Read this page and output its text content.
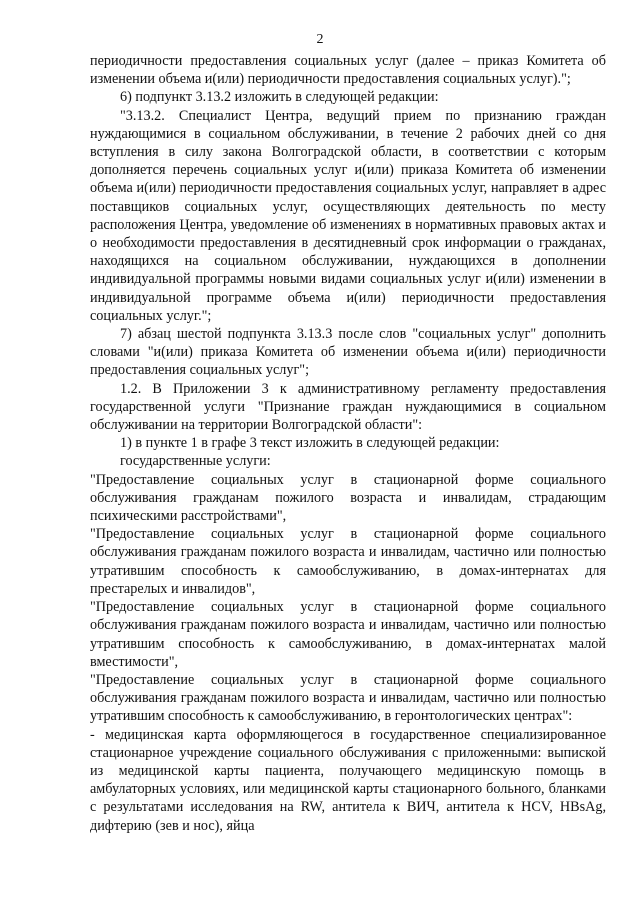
2

периодичности предоставления социальных услуг (далее – приказ Комитета об изменении объема и(или) периодичности предоставления социальных услуг).";

6) подпункт 3.13.2 изложить в следующей редакции:

"3.13.2. Специалист Центра, ведущий прием по признанию граждан нуждающимися в социальном обслуживании, в течение 2 рабочих дней со дня вступления в силу закона Волгоградской области, в соответствии с которым дополняется перечень социальных услуг и(или) приказа Комитета об изменении объема и(или) периодичности предоставления социальных услуг, направляет в адрес поставщиков социальных услуг, осуществляющих деятельность по месту расположения Центра, уведомление об изменениях в нормативных правовых актах и о необходимости предоставления в десятидневный срок информации о гражданах, находящихся на социальном обслуживании, нуждающихся в дополнении индивидуальной программы новыми видами социальных услуг и(или) изменении в индивидуальной программе объема и(или) периодичности предоставления социальных услуг.";

7) абзац шестой подпункта 3.13.3 после слов "социальных услуг" дополнить словами "и(или) приказа Комитета об изменении объема и(или) периодичности предоставления социальных услуг";

1.2. В Приложении 3 к административному регламенту предоставления государственной услуги "Признание граждан нуждающимися в социальном обслуживании на территории Волгоградской области":

1) в пункте 1 в графе 3 текст изложить в следующей редакции:

государственные услуги:

"Предоставление социальных услуг в стационарной форме социального обслуживания гражданам пожилого возраста и инвалидам, страдающим психическими расстройствами",

"Предоставление социальных услуг в стационарной форме социального обслуживания гражданам пожилого возраста и инвалидам, частично или полностью утратившим способность к самообслуживанию, в домах-интернатах для престарелых и инвалидов",

"Предоставление социальных услуг в стационарной форме социального обслуживания гражданам пожилого возраста и инвалидам, частично или полностью утратившим способность к самообслуживанию, в домах-интернатах малой вместимости",

"Предоставление социальных услуг в стационарной форме социального обслуживания гражданам пожилого возраста и инвалидам, частично или полностью утратившим способность к самообслуживанию, в геронтологических центрах":

- медицинская карта оформляющегося в государственное специализированное стационарное учреждение социального обслуживания с приложенными: выпиской из медицинской карты пациента, получающего медицинскую помощь в амбулаторных условиях, или медицинской карты стационарного больного, бланками с результатами исследования на RW, антитела к ВИЧ, антитела к HCV, HBsAg, дифтерию (зев и нос), яйца
